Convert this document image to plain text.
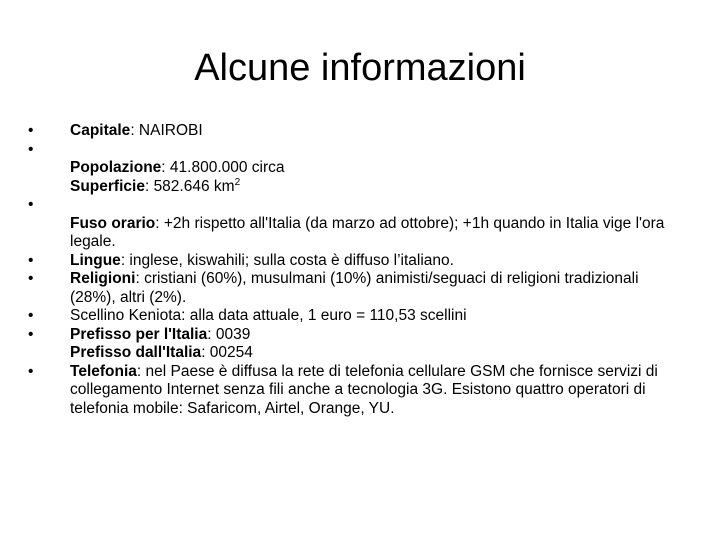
Alcune informazioni
•	Capitale: NAIROBI
•
Popolazione: 41.800.000 circa
Superficie: 582.646 $km^2$
•
Fuso orario: +2h rispetto all'Italia (da marzo ad ottobre); +1h quando in Italia vige l'ora legale.
•	Lingue: inglese, kiswahili; sulla costa è diffuso l’italiano.
•	Religioni: cristiani (60%), musulmani (10%) animisti/seguaci di religioni tradizionali (28%), altri (2%).
•	Scellino Keniota: alla data attuale, 1 euro = 110,53 scellini
•	Prefisso per l'Italia: 0039
Prefisso dall'Italia: 00254
•	Telefonia: nel Paese è diffusa la rete di telefonia cellulare GSM che fornisce servizi di collegamento Internet senza fili anche a tecnologia 3G. Esistono quattro operatori di telefonia mobile: Safaricom, Airtel, Orange, YU.
